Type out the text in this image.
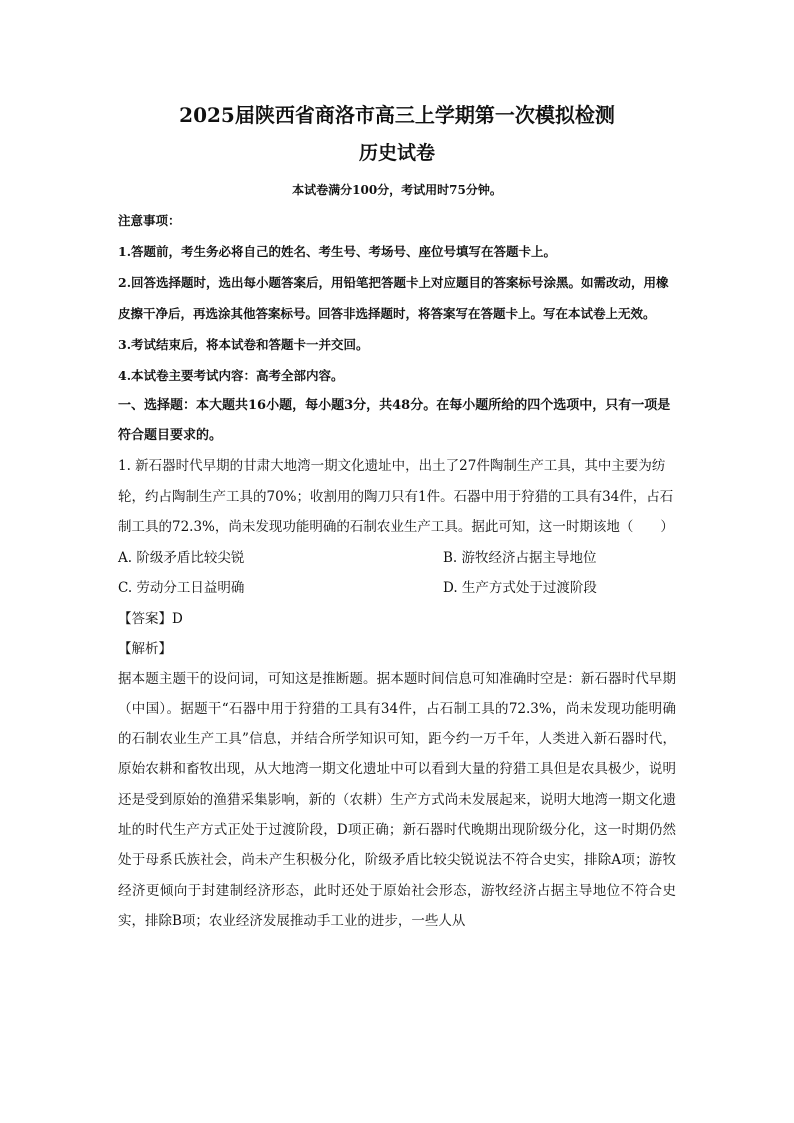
2025届陕西省商洛市高三上学期第一次模拟检测

历史试卷

本试卷满分100分，考试用时75分钟。

注意事项：

1.答题前，考生务必将自己的姓名、考生号、考场号、座位号填写在答题卡上。

2.回答选择题时，选出每小题答案后，用铅笔把答题卡上对应题目的答案标号涂黑。如需改动，用橡皮擦干净后，再选涂其他答案标号。回答非选择题时，将答案写在答题卡上。写在本试卷上无效。

3.考试结束后，将本试卷和答题卡一并交回。

4.本试卷主要考试内容：高考全部内容。

一、选择题：本大题共16小题，每小题3分，共48分。在每小题所给的四个选项中，只有一项是符合题目要求的。

1. 新石器时代早期的甘肃大地湾一期文化遗址中，出土了27件陶制生产工具，其中主要为纺轮，约占陶制生产工具的70%；收割用的陶刀只有1件。石器中用于狩猎的工具有34件，占石制工具的72.3%，尚未发现功能明确的石制农业生产工具。据此可知，这一时期该地（　　）

A. 阶级矛盾比较尖锐	B. 游牧经济占据主导地位

C. 劳动分工日益明确	D. 生产方式处于过渡阶段

【答案】D

【解析】

据本题主题干的设问词，可知这是推断题。据本题时间信息可知准确时空是：新石器时代早期（中国）。据题干“石器中用于狩猎的工具有34件，占石制工具的72.3%，尚未发现功能明确的石制农业生产工具”信息，并结合所学知识可知，距今约一万千年，人类进入新石器时代，原始农耕和畜牧出现，从大地湾一期文化遗址中可以看到大量的狩猎工具但是农具极少，说明还是受到原始的渔猎采集影响，新的（农耕）生产方式尚未发展起来，说明大地湾一期文化遗址的时代生产方式正处于过渡阶段，D项正确；新石器时代晚期出现阶级分化，这一时期仍然处于母系氏族社会，尚未产生积极分化，阶级矛盾比较尖锐说法不符合史实，排除A项；游牧经济更倾向于封建制经济形态，此时还处于原始社会形态，游牧经济占据主导地位不符合史实，排除B项；农业经济发展推动手工业的进步，一些人从
